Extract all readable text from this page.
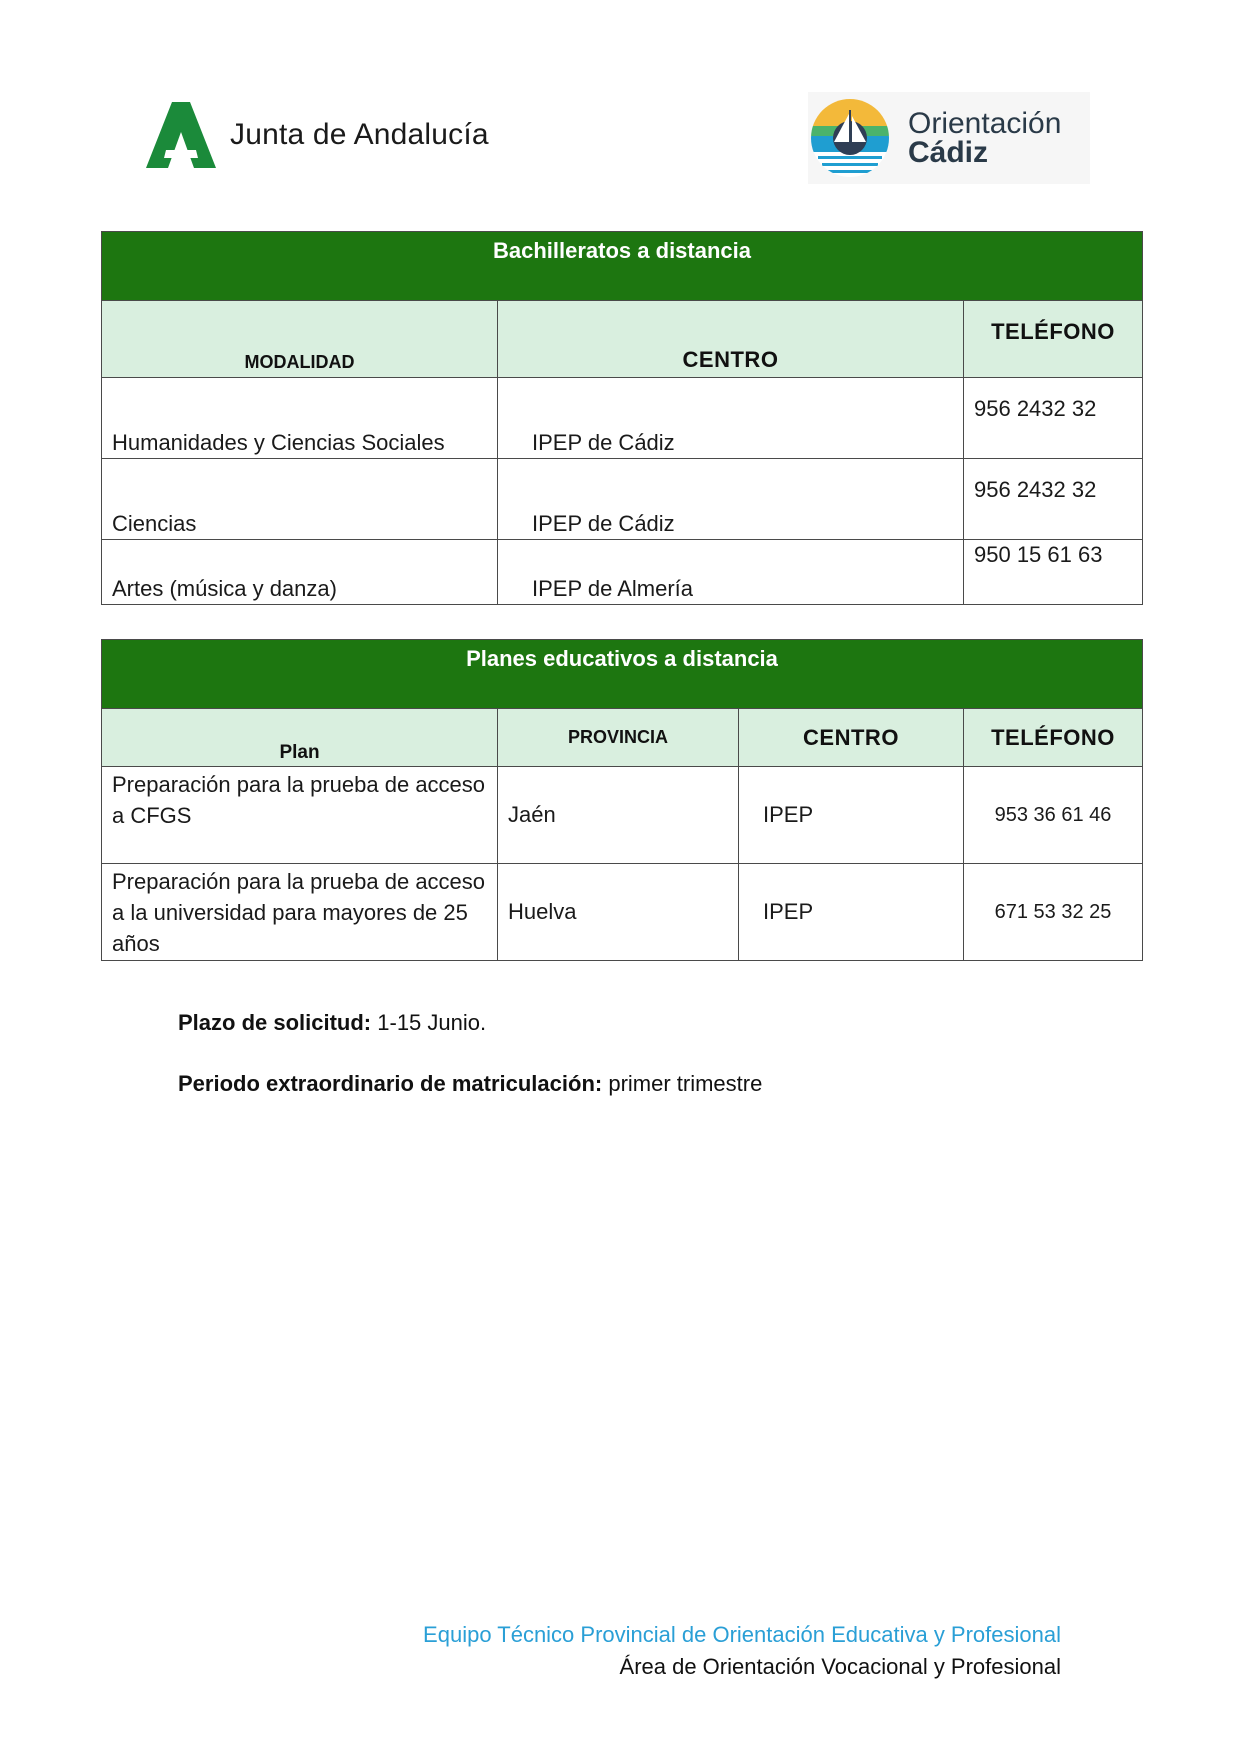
Junta de Andalucía	Orientación
Cádiz
Bachilleratos a distancia		
MODALIDAD	CENTRO	TELÉFONO
Humanidades y Ciencias Sociales	IPEP de Cádiz	956 2432 32
Ciencias	IPEP de Cádiz	956 2432 32
Artes (música y danza)	IPEP de Almería	950 15 61 63
Planes educativos a distancia			
Plan	PROVINCIA	CENTRO	TELÉFONO
Preparación para la prueba de acceso a CFGS	Jaén	IPEP	953 36 61 46
Preparación para la prueba de acceso a la universidad para mayores de 25 años	Huelva	IPEP	671 53 32 25
Plazo de solicitud: 1-15 Junio.
Periodo extraordinario de matriculación: primer trimestre
Equipo Técnico Provincial de Orientación Educativa y Profesional
Área de Orientación Vocacional y Profesional
